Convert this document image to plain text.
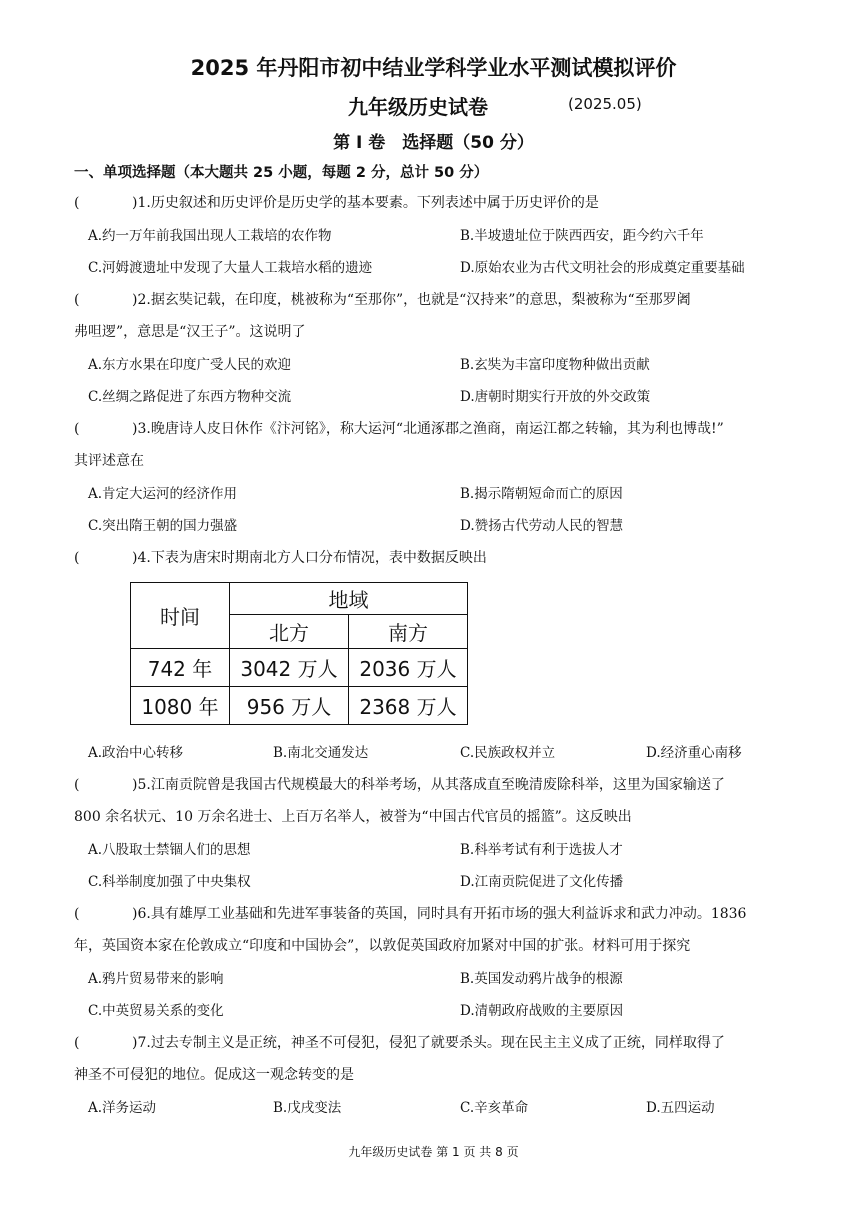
2025 年丹阳市初中结业学科学业水平测试模拟评价
九年级历史试卷	(2025.05)
第 I 卷　选择题（50 分）
一、单项选择题（本大题共 25 小题，每题 2 分，总计 50 分）
(	)1.历史叙述和历史评价是历史学的基本要素。下列表述中属于历史评价的是
A.约一万年前我国出现人工栽培的农作物	B.半坡遗址位于陕西西安，距今约六千年
C.河姆渡遗址中发现了大量人工栽培水稻的遗迹	D.原始农业为古代文明社会的形成奠定重要基础
(	)2.据玄奘记载，在印度，桃被称为“至那你”，也就是“汉持来”的意思，梨被称为“至那罗阇
弗呾逻”，意思是“汉王子”。这说明了
A.东方水果在印度广受人民的欢迎	B.玄奘为丰富印度物种做出贡献
C.丝绸之路促进了东西方物种交流	D.唐朝时期实行开放的外交政策
(	)3.晚唐诗人皮日休作《汴河铭》，称大运河“北通涿郡之渔商，南运江都之转输，其为利也博哉!”
其评述意在
A.肯定大运河的经济作用	B.揭示隋朝短命而亡的原因
C.突出隋王朝的国力强盛	D.赞扬古代劳动人民的智慧
(	)4.下表为唐宋时期南北方人口分布情况，表中数据反映出
时间	地域	
	北方	南方
742 年	3042 万人	2036 万人
1080 年	956 万人	2368 万人
A.政治中心转移	B.南北交通发达	C.民族政权并立	D.经济重心南移
(	)5.江南贡院曾是我国古代规模最大的科举考场，从其落成直至晚清废除科举，这里为国家输送了
800 余名状元、10 万余名进士、上百万名举人，被誉为“中国古代官员的摇篮”。这反映出
A.八股取士禁锢人们的思想	B.科举考试有利于选拔人才
C.科举制度加强了中央集权	D.江南贡院促进了文化传播
(	)6.具有雄厚工业基础和先进军事装备的英国，同时具有开拓市场的强大利益诉求和武力冲动。1836
年，英国资本家在伦敦成立“印度和中国协会”，以敦促英国政府加紧对中国的扩张。材料可用于探究
A.鸦片贸易带来的影响	B.英国发动鸦片战争的根源
C.中英贸易关系的变化	D.清朝政府战败的主要原因
(	)7.过去专制主义是正统，神圣不可侵犯，侵犯了就要杀头。现在民主主义成了正统，同样取得了
神圣不可侵犯的地位。促成这一观念转变的是
A.洋务运动	B.戊戌变法	C.辛亥革命	D.五四运动
九年级历史试卷 第 1 页 共 8 页
